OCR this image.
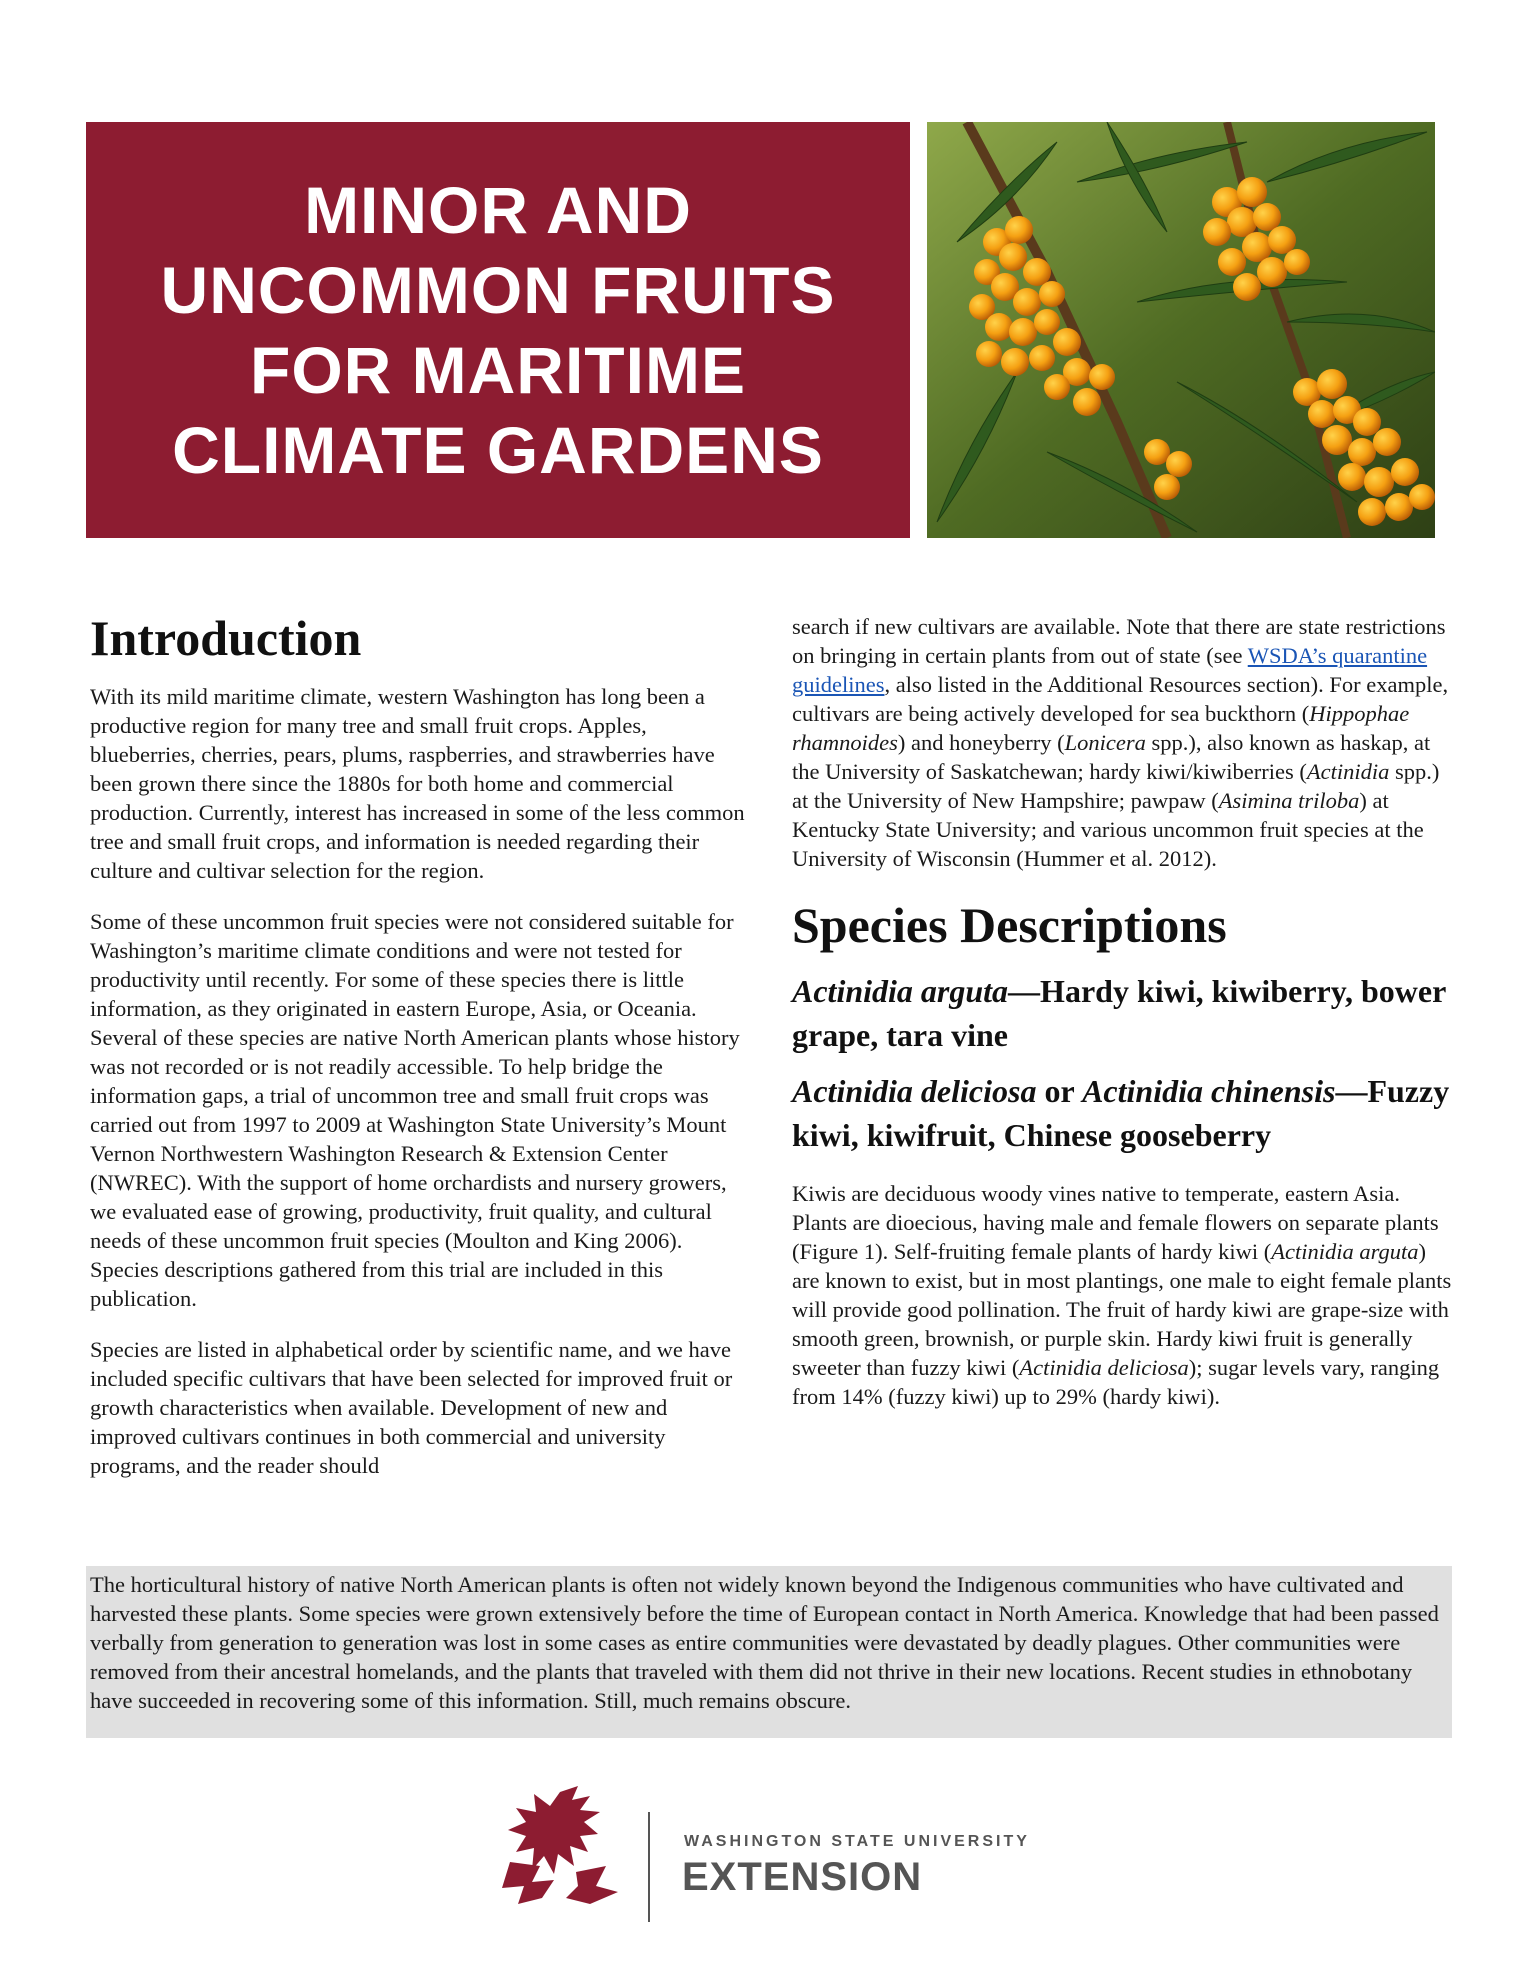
MINOR AND
UNCOMMON FRUITS
FOR MARITIME
CLIMATE GARDENS
Introduction

With its mild maritime climate, western Washington has long been a productive region for many tree and small fruit crops. Apples, blueberries, cherries, pears, plums, raspberries, and strawberries have been grown there since the 1880s for both home and commercial production. Currently, interest has increased in some of the less common tree and small fruit crops, and information is needed regarding their culture and cultivar selection for the region.

Some of these uncommon fruit species were not considered suitable for Washington’s maritime climate conditions and were not tested for productivity until recently. For some of these species there is little information, as they originated in eastern Europe, Asia, or Oceania. Several of these species are native North American plants whose history was not recorded or is not readily accessible. To help bridge the information gaps, a trial of uncommon tree and small fruit crops was carried out from 1997 to 2009 at Washington State University’s Mount Vernon Northwestern Washington Research & Extension Center (NWREC). With the support of home orchardists and nursery growers, we evaluated ease of growing, productivity, fruit quality, and cultural needs of these uncommon fruit species (Moulton and King 2006). Species descriptions gathered from this trial are included in this publication.

Species are listed in alphabetical order by scientific name, and we have included specific cultivars that have been selected for improved fruit or growth characteristics when available. Development of new and improved cultivars continues in both commercial and university programs, and the reader should

search if new cultivars are available. Note that there are state restrictions on bringing in certain plants from out of state (see WSDA’s quarantine guidelines, also listed in the Additional Resources section). For example, cultivars are being actively developed for sea buckthorn (Hippophae rhamnoides) and honeyberry (Lonicera spp.), also known as haskap, at the University of Saskatchewan; hardy kiwi/kiwiberries (Actinidia spp.) at the University of New Hampshire; pawpaw (Asimina triloba) at Kentucky State University; and various uncommon fruit species at the University of Wisconsin (Hummer et al. 2012).

Species Descriptions
Actinidia arguta—Hardy kiwi, kiwiberry, bower grape, tara vine
Actinidia deliciosa or Actinidia chinensis—Fuzzy kiwi, kiwifruit, Chinese gooseberry

Kiwis are deciduous woody vines native to temperate, eastern Asia. Plants are dioecious, having male and female flowers on separate plants (Figure 1). Self-fruiting female plants of hardy kiwi (Actinidia arguta) are known to exist, but in most plantings, one male to eight female plants will provide good pollination. The fruit of hardy kiwi are grape-size with smooth green, brownish, or purple skin. Hardy kiwi fruit is generally sweeter than fuzzy kiwi (Actinidia deliciosa); sugar levels vary, ranging from 14% (fuzzy kiwi) up to 29% (hardy kiwi).

The horticultural history of native North American plants is often not widely known beyond the Indigenous communities who have cultivated and harvested these plants. Some species were grown extensively before the time of European contact in North America. Knowledge that had been passed verbally from generation to generation was lost in some cases as entire communities were devastated by deadly plagues. Other communities were removed from their ancestral homelands, and the plants that traveled with them did not thrive in their new locations. Recent studies in ethnobotany have succeeded in recovering some of this information. Still, much remains obscure.
WASHINGTON STATE UNIVERSITY
EXTENSION
